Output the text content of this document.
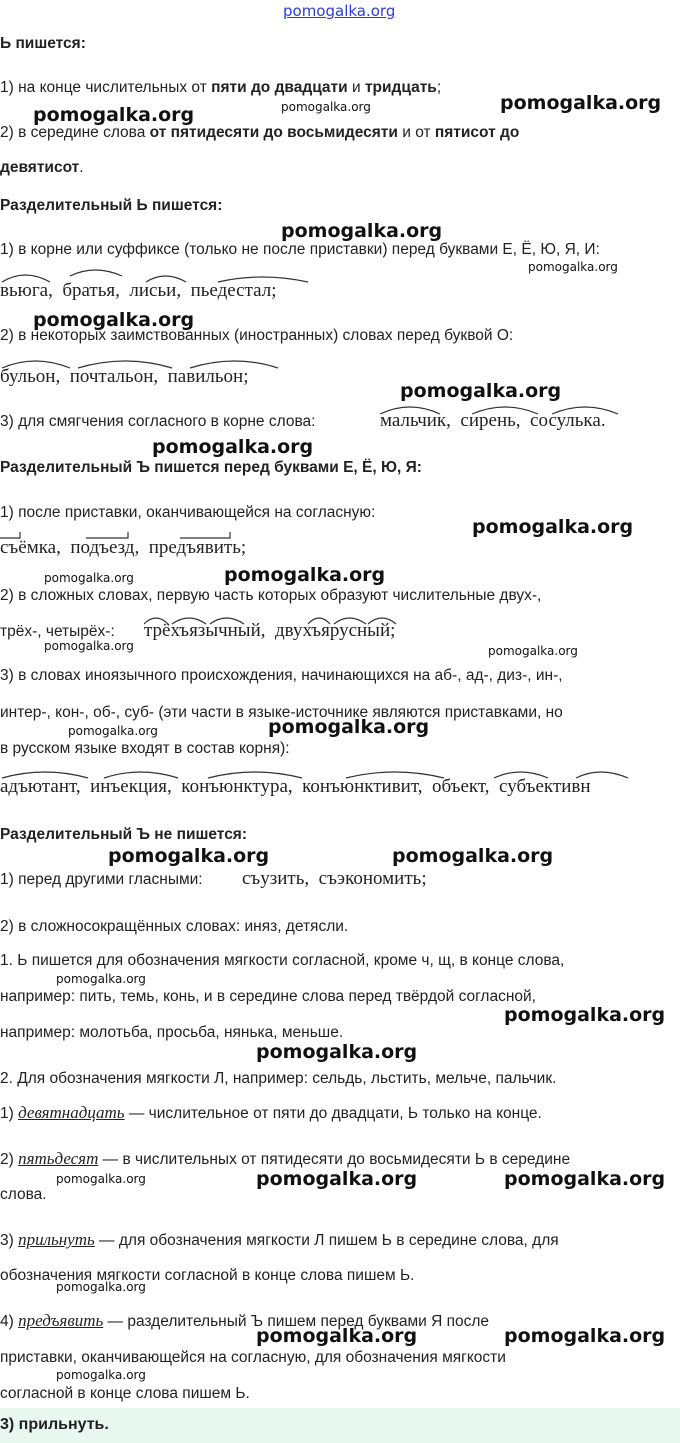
pomogalka.org
Ь пишется:
1) на конце числительных от пяти до двадцати и тридцать;
2) в середине слова от пятидесяти до восьмидесяти и от пятисот до
девятисот.
Разделительный Ь пишется:
1) в корне или суффиксе (только не после приставки) перед буквами Е, Ё, Ю, Я, И:
вьюга,  братья,  лисьи,  пьедестал;
2) в некоторых заимствованных (иностранных) словах перед буквой О:
бульон,  почтальон,  павильон;
3) для смягчения согласного в корне слова:	мальчик,  сирень,  сосулька.
Разделительный Ъ пишется перед буквами Е, Ё, Ю, Я:
1) после приставки, оканчивающейся на согласную:
съёмка,  подъезд,  предъявить;
2) в сложных словах, первую часть которых образуют числительные двух-,
трёх-, четырёх-:	трёхъязычный,  двухъярусный;
3) в словах иноязычного происхождения, начинающихся на аб-, ад-, диз-, ин-,
интер-, кон-, об-, суб- (эти части в языке-источнике являются приставками, но
в русском языке входят в состав корня):
адъютант,  инъекция,  конъюнктура,  конъюнктивит,  объект,  субъективн
Разделительный Ъ не пишется:
1) перед другими гласными:	съузить,  съэкономить;
2) в сложносокращённых словах: иняз, детясли.
1. Ь пишется для обозначения мягкости согласной, кроме ч, щ, в конце слова,
например: пить, темь, конь, и в середине слова перед твёрдой согласной,
например: молотьба, просьба, нянька, меньше.
2. Для обозначения мягкости Л, например: сельдь, льстить, мельче, пальчик.
1) девятнадцать — числительное от пяти до двадцати, Ь только на конце.
2) пятьдесят — в числительных от пятидесяти до восьмидесяти Ь в середине
слова.
3) прильнуть — для обозначения мягкости Л пишем Ь в середине слова, для
обозначения мягкости согласной в конце слова пишем Ь.
4) предъявить — разделительный Ъ пишем перед буквами Я после
приставки, оканчивающейся на согласную, для обозначения мягкости
согласной в конце слова пишем Ь.
3) прильнуть.
pomogalka.org	pomogalka.org	pomogalka.org
pomogalka.org
pomogalka.org
pomogalka.org
pomogalka.org
pomogalka.org
pomogalka.org
pomogalka.org	pomogalka.org
pomogalka.org	pomogalka.org
pomogalka.org	pomogalka.org
pomogalka.org	pomogalka.org
pomogalka.org
pomogalka.org
pomogalka.org
pomogalka.org	pomogalka.org	pomogalka.org
pomogalka.org
pomogalka.org	pomogalka.org
pomogalka.org
